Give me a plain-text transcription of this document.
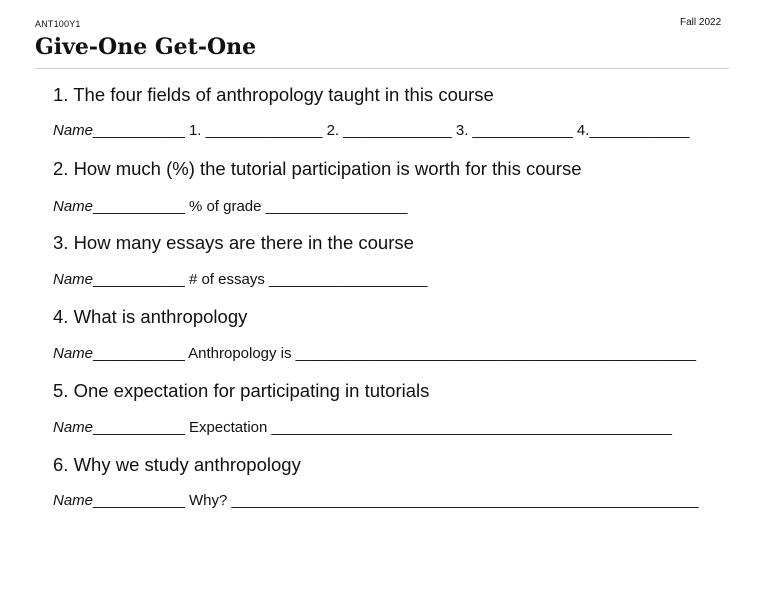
ANT100Y1	Fall 2022
Give-One Get-One
1. The four fields of anthropology taught in this course
Name___________ 1. ______________ 2. _____________ 3. ____________ 4.____________
2. How much (%) the tutorial participation is worth for this course
Name___________ % of grade _________________
3. How many essays are there in the course
Name___________ # of essays ___________________
4. What is anthropology
Name___________ Anthropology is ________________________________________________
5. One expectation for participating in tutorials
Name___________ Expectation ________________________________________________
6. Why we study anthropology
Name___________ Why? ________________________________________________________
